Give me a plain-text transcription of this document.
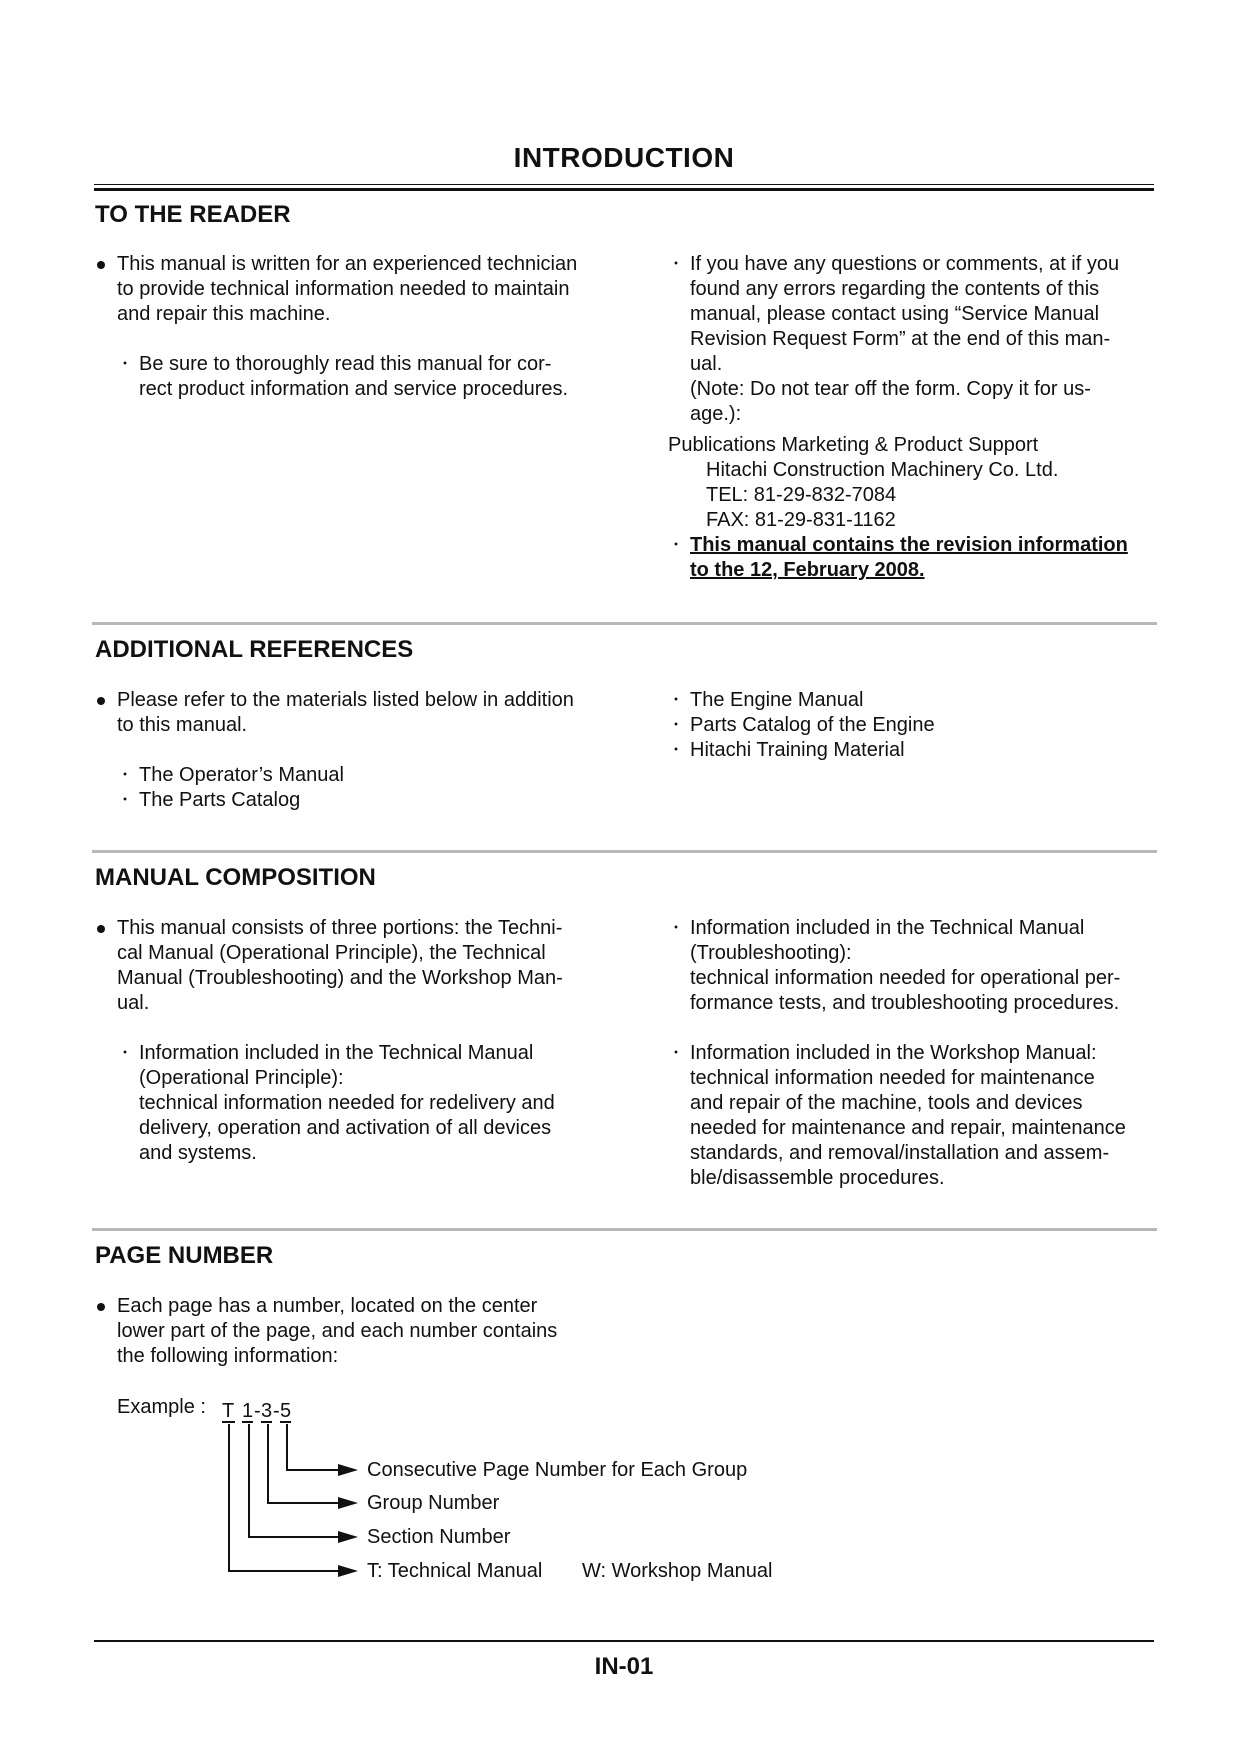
INTRODUCTION
TO THE READER
This manual is written for an experienced technician
to provide technical information needed to maintain
and repair this machine.
・ Be sure to thoroughly read this manual for cor-
rect product information and service procedures.
・ If you have any questions or comments, at if you
found any errors regarding the contents of this
manual, please contact using “Service Manual
Revision Request Form” at the end of this man-
ual.
(Note: Do not tear off the form. Copy it for us-
age.):
Publications Marketing & Product Support
Hitachi Construction Machinery Co. Ltd.
TEL: 81-29-832-7084
FAX: 81-29-831-1162
・ This manual contains the revision information
to the 12, February 2008.
ADDITIONAL REFERENCES
Please refer to the materials listed below in addition
to this manual.
・ The Operator’s Manual
・ The Parts Catalog
・ The Engine Manual
・ Parts Catalog of the Engine
・ Hitachi Training Material
MANUAL COMPOSITION
This manual consists of three portions: the Techni-
cal Manual (Operational Principle), the Technical
Manual (Troubleshooting) and the Workshop Man-
ual.
・ Information included in the Technical Manual
(Operational Principle):
technical information needed for redelivery and
delivery, operation and activation of all devices
and systems.
・ Information included in the Technical Manual
(Troubleshooting):
technical information needed for operational per-
formance tests, and troubleshooting procedures.
・ Information included in the Workshop Manual:
technical information needed for maintenance
and repair of the machine, tools and devices
needed for maintenance and repair, maintenance
standards, and removal/installation and assem-
ble/disassemble procedures.
PAGE NUMBER
Each page has a number, located on the center
lower part of the page, and each number contains
the following information:
Example : T 1 - 3 - 5
Consecutive Page Number for Each Group
Group Number
Section Number
T: Technical Manual W: Workshop Manual
IN-01
